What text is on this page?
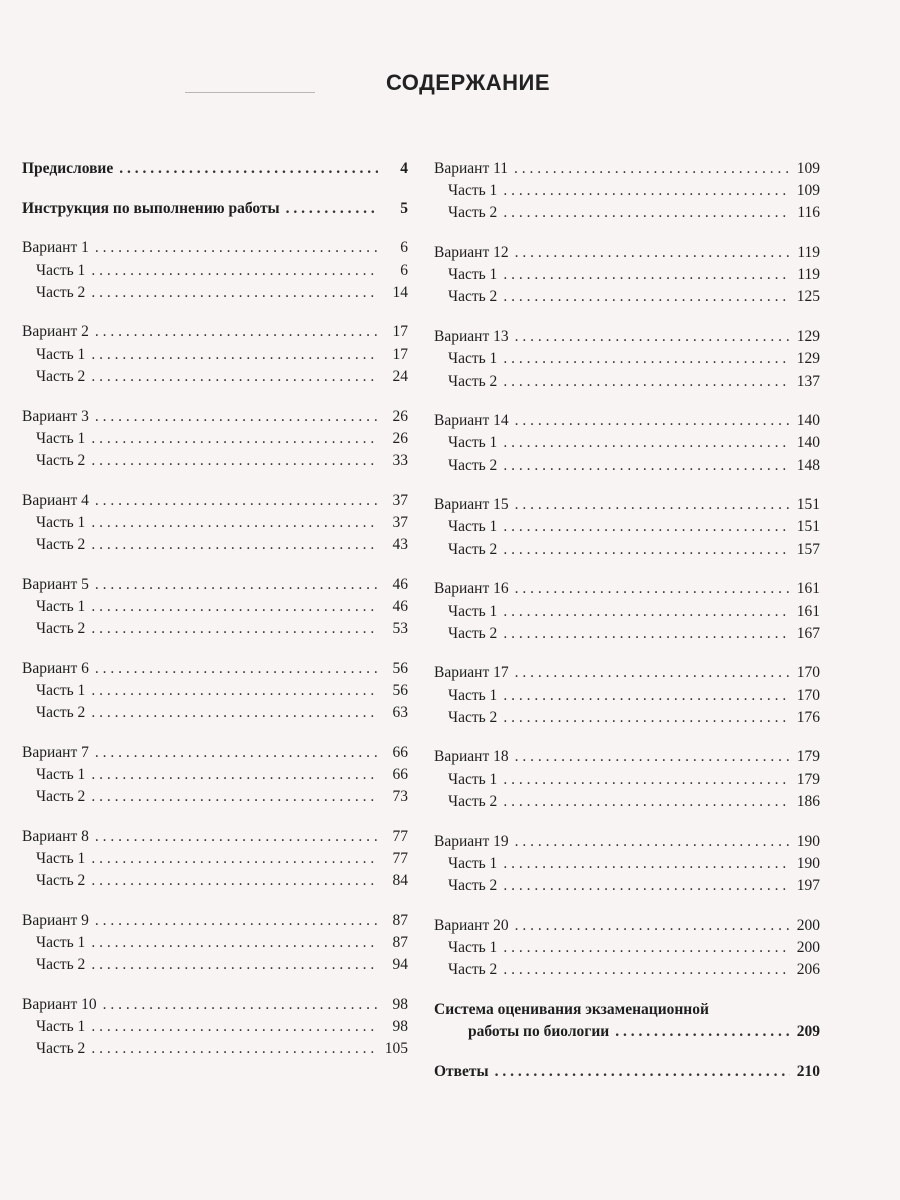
СОДЕРЖАНИЕ
Предисловие . . .	4
Инструкция по выполнению работы . . .	5
Вариант 1 . . .	6
Часть 1 . . .	6
Часть 2 . . .	14
Вариант 2 . . .	17
Часть 1 . . .	17
Часть 2 . . .	24
Вариант 3 . . .	26
Часть 1 . . .	26
Часть 2 . . .	33
Вариант 4 . . .	37
Часть 1 . . .	37
Часть 2 . . .	43
Вариант 5 . . .	46
Часть 1 . . .	46
Часть 2 . . .	53
Вариант 6 . . .	56
Часть 1 . . .	56
Часть 2 . . .	63
Вариант 7 . . .	66
Часть 1 . . .	66
Часть 2 . . .	73
Вариант 8 . . .	77
Часть 1 . . .	77
Часть 2 . . .	84
Вариант 9 . . .	87
Часть 1 . . .	87
Часть 2 . . .	94
Вариант 10 . . .	98
Часть 1 . . .	98
Часть 2 . . .	105
Вариант 11 . . .	109
Часть 1 . . .	109
Часть 2 . . .	116
Вариант 12 . . .	119
Часть 1 . . .	119
Часть 2 . . .	125
Вариант 13 . . .	129
Часть 1 . . .	129
Часть 2 . . .	137
Вариант 14 . . .	140
Часть 1 . . .	140
Часть 2 . . .	148
Вариант 15 . . .	151
Часть 1 . . .	151
Часть 2 . . .	157
Вариант 16 . . .	161
Часть 1 . . .	161
Часть 2 . . .	167
Вариант 17 . . .	170
Часть 1 . . .	170
Часть 2 . . .	176
Вариант 18 . . .	179
Часть 1 . . .	179
Часть 2 . . .	186
Вариант 19 . . .	190
Часть 1 . . .	190
Часть 2 . . .	197
Вариант 20 . . .	200
Часть 1 . . .	200
Часть 2 . . .	206
Система оценивания экзаменационной
работы по биологии . . .	209
Ответы . . .	210
